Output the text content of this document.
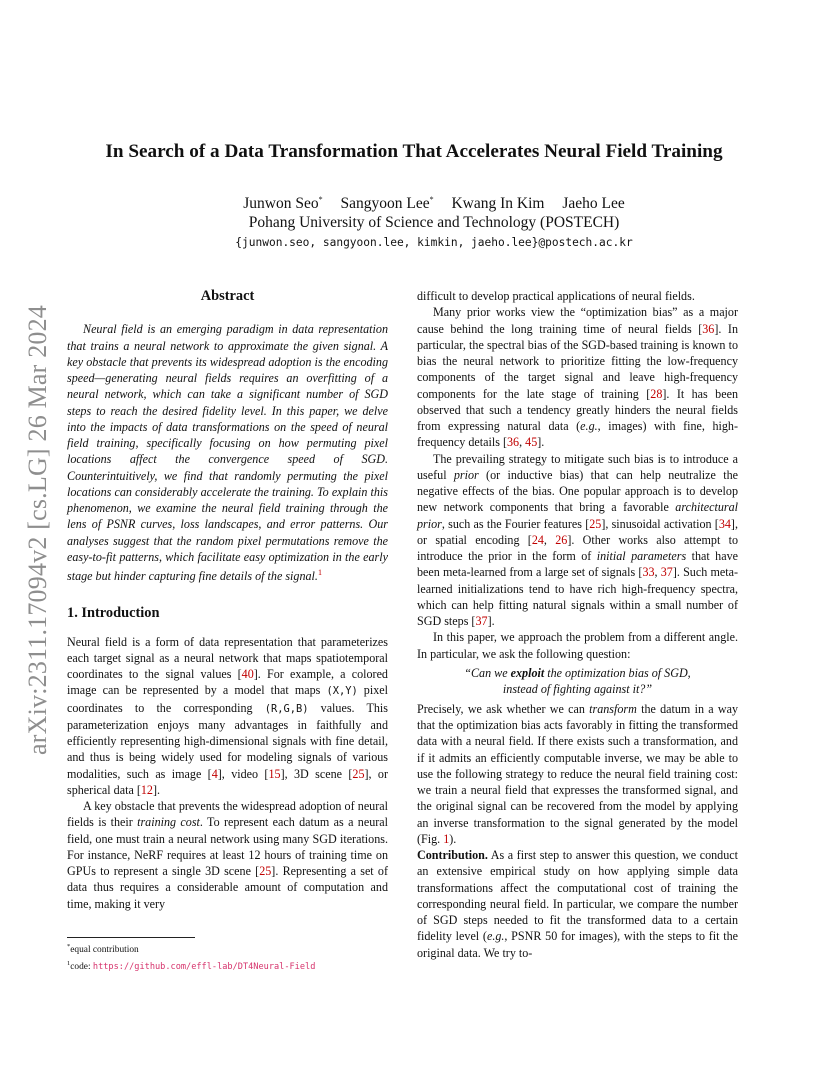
arXiv:2311.17094v2 [cs.LG] 26 Mar 2024
In Search of a Data Transformation That Accelerates Neural Field Training
Junwon Seo* Sangyoon Lee* Kwang In Kim Jaeho Lee
Pohang University of Science and Technology (POSTECH)
{junwon.seo, sangyoon.lee, kimkin, jaeho.lee}@postech.ac.kr
Abstract

Neural field is an emerging paradigm in data representation that trains a neural network to approximate the given signal. A key obstacle that prevents its widespread adoption is the encoding speed—generating neural fields requires an overfitting of a neural network, which can take a significant number of SGD steps to reach the desired fidelity level. In this paper, we delve into the impacts of data transformations on the speed of neural field training, specifically focusing on how permuting pixel locations affect the convergence speed of SGD. Counterintuitively, we find that randomly permuting the pixel locations can considerably accelerate the training. To explain this phenomenon, we examine the neural field training through the lens of PSNR curves, loss landscapes, and error patterns. Our analyses suggest that the random pixel permutations remove the easy-to-fit patterns, which facilitate easy optimization in the early stage but hinder capturing fine details of the signal.$^1$

1. Introduction

Neural field is a form of data representation that parameterizes each target signal as a neural network that maps spatiotemporal coordinates to the signal values [40]. For example, a colored image can be represented by a model that maps (X,Y) pixel coordinates to the corresponding (R,G,B) values. This parameterization enjoys many advantages in faithfully and efficiently representing high-dimensional signals with fine detail, and thus is being widely used for modeling signals of various modalities, such as image [4], video [15], 3D scene [25], or spherical data [12].

A key obstacle that prevents the widespread adoption of neural fields is their training cost. To represent each datum as a neural field, one must train a neural network using many SGD iterations. For instance, NeRF requires at least 12 hours of training time on GPUs to represent a single 3D scene [25]. Representing a set of data thus requires a considerable amount of computation and time, making it very

difficult to develop practical applications of neural fields.

Many prior works view the “optimization bias” as a major cause behind the long training time of neural fields [36]. In particular, the spectral bias of the SGD-based training is known to bias the neural network to prioritize fitting the low-frequency components of the target signal and leave high-frequency components for the late stage of training [28]. It has been observed that such a tendency greatly hinders the neural fields from expressing natural data (e.g., images) with fine, high-frequency details [36, 45].

The prevailing strategy to mitigate such bias is to introduce a useful prior (or inductive bias) that can help neutralize the negative effects of the bias. One popular approach is to develop new network components that bring a favorable architectural prior, such as the Fourier features [25], sinusoidal activation [34], or spatial encoding [24, 26]. Other works also attempt to introduce the prior in the form of initial parameters that have been meta-learned from a large set of signals [33, 37]. Such meta-learned initializations tend to have rich high-frequency spectra, which can help fitting natural signals within a small number of SGD steps [37].

In this paper, we approach the problem from a different angle. In particular, we ask the following question:

“Can we exploit the optimization bias of SGD,
instead of fighting against it?”

Precisely, we ask whether we can transform the datum in a way that the optimization bias acts favorably in fitting the transformed data with a neural field. If there exists such a transformation, and if it admits an efficiently computable inverse, we may be able to use the following strategy to reduce the neural field training cost: we train a neural field that expresses the transformed signal, and the original signal can be recovered from the model by applying an inverse transformation to the signal generated by the model (Fig. 1).

Contribution. As a first step to answer this question, we conduct an extensive empirical study on how applying simple data transformations affect the computational cost of training the corresponding neural field. In particular, we compare the number of SGD steps needed to fit the transformed data to a certain fidelity level (e.g., PSNR 50 for images), with the steps to fit the original data. We try to-

*equal contribution
$^1$code: https://github.com/effl-lab/DT4Neural-Field
